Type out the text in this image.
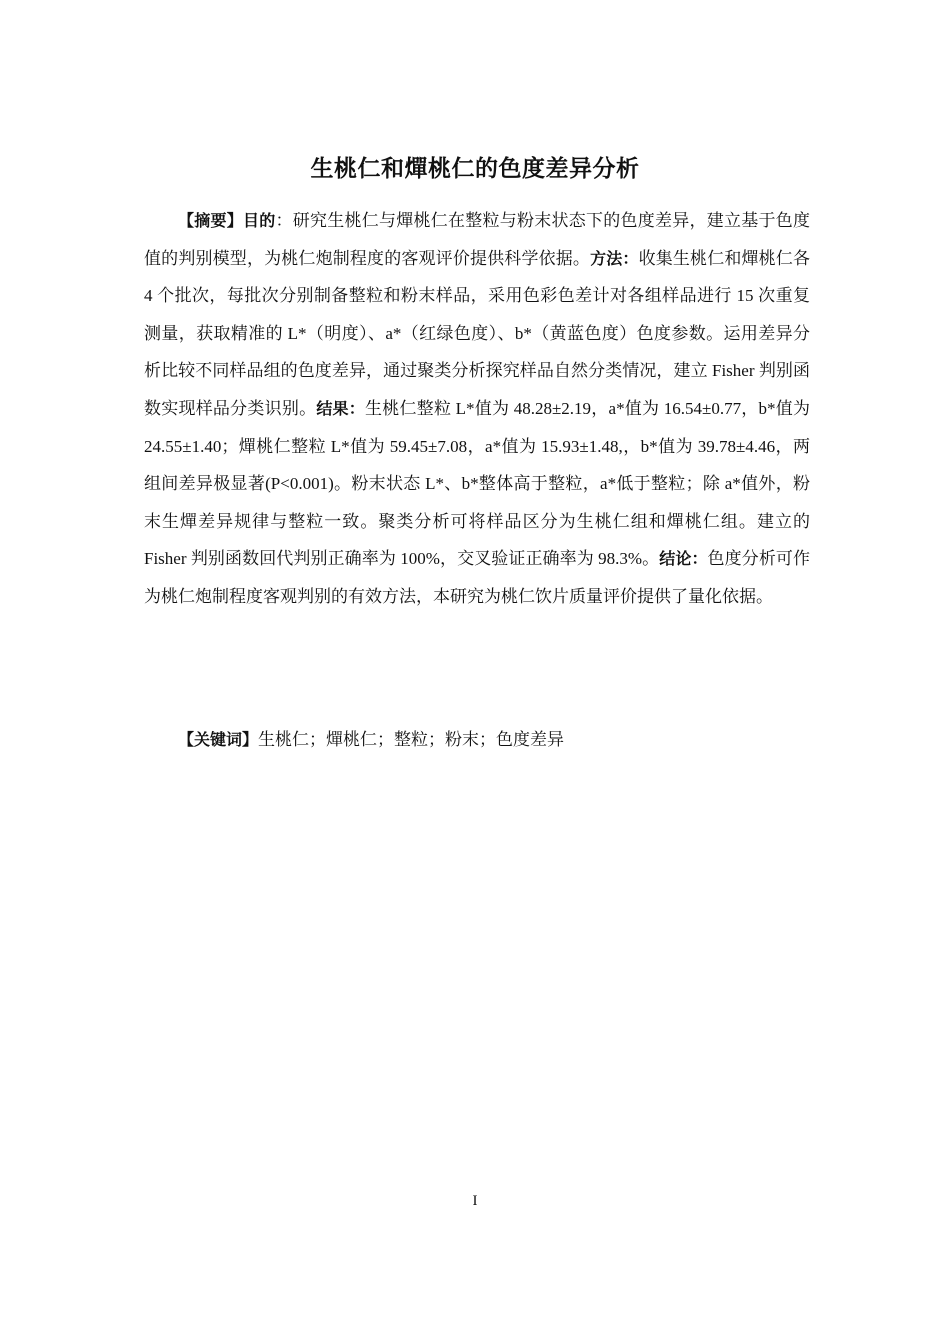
生桃仁和燀桃仁的色度差异分析

【摘要】目的：研究生桃仁与燀桃仁在整粒与粉末状态下的色度差异，建立基于色度值的判别模型，为桃仁炮制程度的客观评价提供科学依据。方法：收集生桃仁和燀桃仁各 4 个批次，每批次分别制备整粒和粉末样品，采用色彩色差计对各组样品进行 15 次重复测量，获取精准的 L*（明度）、a*（红绿色度）、b*（黄蓝色度）色度参数。运用差异分析比较不同样品组的色度差异，通过聚类分析探究样品自然分类情况，建立 Fisher 判别函数实现样品分类识别。结果：生桃仁整粒 L*值为 48.28±2.19，a*值为 16.54±0.77，b*值为 24.55±1.40；燀桃仁整粒 L*值为 59.45±7.08，a*值为 15.93±1.48,，b*值为 39.78±4.46，两组间差异极显著(P<0.001)。粉末状态 L*、b*整体高于整粒，a*低于整粒；除 a*值外，粉末生燀差异规律与整粒一致。聚类分析可将样品区分为生桃仁组和燀桃仁组。建立的 Fisher 判别函数回代判别正确率为 100%，交叉验证正确率为 98.3%。结论：色度分析可作为桃仁炮制程度客观判别的有效方法，本研究为桃仁饮片质量评价提供了量化依据。

【关键词】生桃仁；燀桃仁；整粒；粉末；色度差异

I
